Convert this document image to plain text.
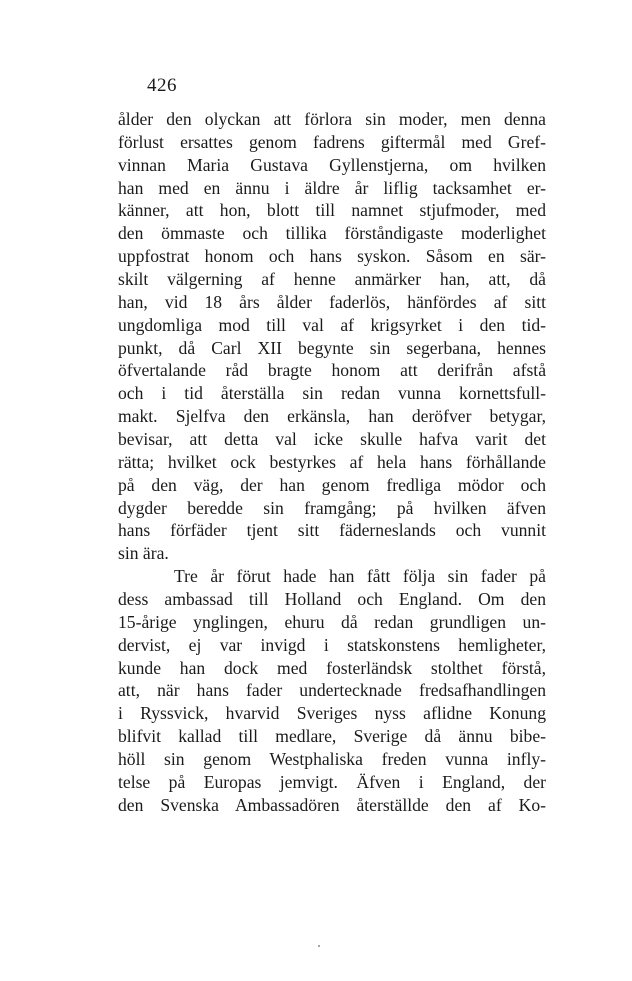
426
ålder den olyckan att förlora sin moder, men denna
förlust ersattes genom fadrens giftermål med Gref-
vinnan Maria Gustava Gyllenstjerna, om hvilken
han med en ännu i äldre år liflig tacksamhet er-
känner, att hon, blott till namnet stjufmoder, med
den ömmaste och tillika förståndigaste moderlighet
uppfostrat honom och hans syskon. Såsom en sär-
skilt välgerning af henne anmärker han, att, då
han, vid 18 års ålder faderlös, hänfördes af sitt
ungdomliga mod till val af krigsyrket i den tid-
punkt, då Carl XII begynte sin segerbana, hennes
öfvertalande råd bragte honom att derifrån afstå
och i tid återställa sin redan vunna kornettsfull-
makt. Sjelfva den erkänsla, han deröfver betygar,
bevisar, att detta val icke skulle hafva varit det
rätta; hvilket ock bestyrkes af hela hans förhållande
på den väg, der han genom fredliga mödor och
dygder beredde sin framgång; på hvilken äfven
hans förfäder tjent sitt fäderneslands och vunnit
sin ära.
Tre år förut hade han fått följa sin fader på
dess ambassad till Holland och England. Om den
15-årige ynglingen, ehuru då redan grundligen un-
dervist, ej var invigd i statskonstens hemligheter,
kunde han dock med fosterländsk stolthet förstå,
att, när hans fader undertecknade fredsafhandlingen
i Ryssvick, hvarvid Sveriges nyss aflidne Konung
blifvit kallad till medlare, Sverige då ännu bibe-
höll sin genom Westphaliska freden vunna infly-
telse på Europas jemvigt. Äfven i England, der
den Svenska Ambassadören återställde den af Ko-
